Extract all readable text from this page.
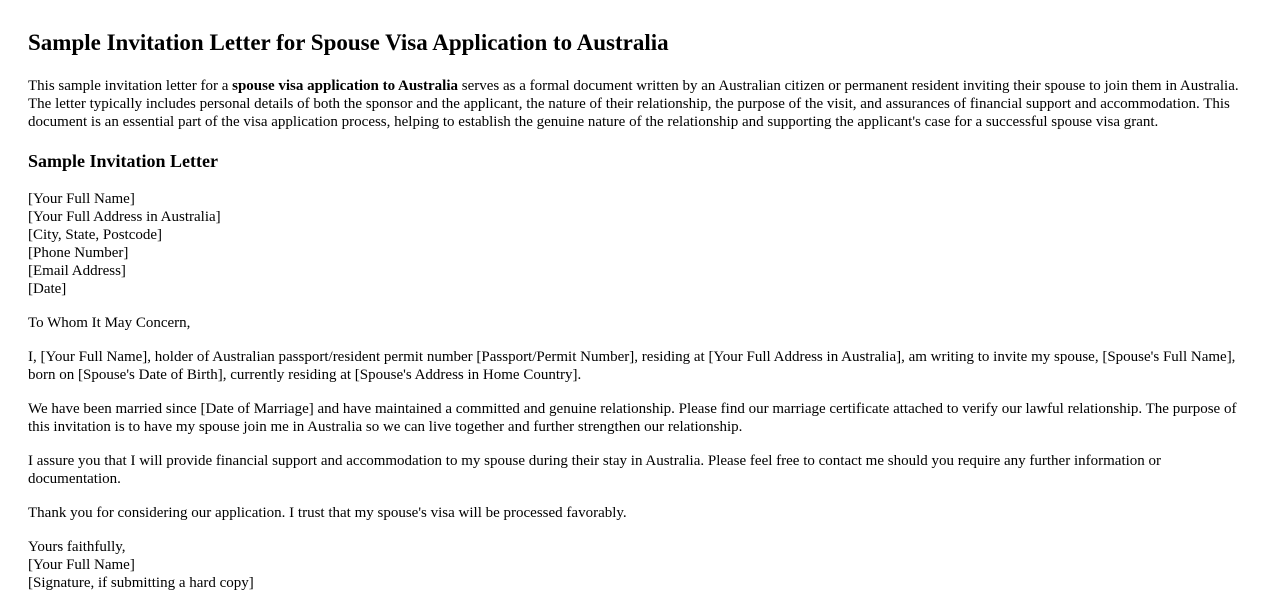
Sample Invitation Letter for Spouse Visa Application to Australia

This sample invitation letter for a spouse visa application to Australia serves as a formal document written by an Australian citizen or permanent resident inviting their spouse to join them in Australia. The letter typically includes personal details of both the sponsor and the applicant, the nature of their relationship, the purpose of the visit, and assurances of financial support and accommodation. This document is an essential part of the visa application process, helping to establish the genuine nature of the relationship and supporting the applicant's case for a successful spouse visa grant.

Sample Invitation Letter
[Your Full Name]
[Your Full Address in Australia]
[City, State, Postcode]
[Phone Number]
[Email Address]
[Date]

To Whom It May Concern,

I, [Your Full Name], holder of Australian passport/resident permit number [Passport/Permit Number], residing at [Your Full Address in Australia], am writing to invite my spouse, [Spouse's Full Name], born on [Spouse's Date of Birth], currently residing at [Spouse's Address in Home Country].

We have been married since [Date of Marriage] and have maintained a committed and genuine relationship. Please find our marriage certificate attached to verify our lawful relationship. The purpose of this invitation is to have my spouse join me in Australia so we can live together and further strengthen our relationship.

I assure you that I will provide financial support and accommodation to my spouse during their stay in Australia. Please feel free to contact me should you require any further information or documentation.

Thank you for considering our application. I trust that my spouse's visa will be processed favorably.

Yours faithfully,
[Your Full Name]
[Signature, if submitting a hard copy]
